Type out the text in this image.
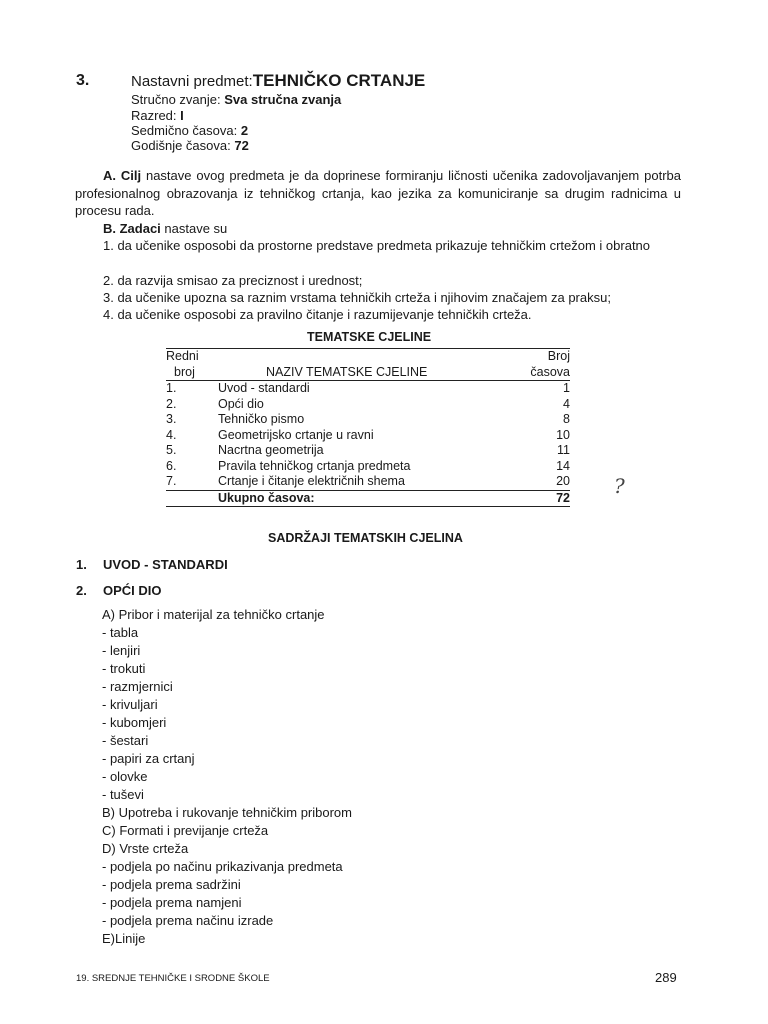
3.	Nastavni predmet:TEHNIČKO CRTANJE
Stručno zvanje: Sva stručna zvanja
Razred: I
Sedmično časova: 2
Godišnje časova: 72
A. Cilj nastave ovog predmeta je da doprinese formiranju ličnosti učenika zadovoljavanjem potrba profesionalnog obrazovanja iz tehničkog crtanja, kao jezika za komuniciranje sa drugim radnicima u procesu rada.
B. Zadaci nastave su
1. da učenike osposobi da prostorne predstave predmeta prikazuje tehničkim crtežom i obratno
2. da razvija smisao za preciznost i urednost;
3. da učenike upozna sa raznim vrstama tehničkih crteža i njihovim značajem za praksu;
4. da učenike osposobi za pravilno čitanje i razumijevanje tehničkih crteža.
TEMATSKE CJELINE
Redni		Broj
broj	NAZIV TEMATSKE CJELINE	časova
1.	Uvod - standardi	1
2.	Opći dio	4
3.	Tehničko pismo	8
4.	Geometrijsko crtanje u ravni	10
5.	Nacrtna geometrija	11
6.	Pravila tehničkog crtanja predmeta	14
7.	Crtanje i čitanje električnih shema	20
	Ukupno časova:	72 ?
SADRŽAJI TEMATSKIH CJELINA
1. UVOD - STANDARDI
2. OPĆI DIO
A) Pribor i materijal za tehničko crtanje
- tabla
- lenjiri
- trokuti
- razmjernici
- krivuljari
- kubomjeri
- šestari
- papiri za crtanj
- olovke
- tuševi
B) Upotreba i rukovanje tehničkim priborom
C) Formati i previjanje crteža
D) Vrste crteža
- podjela po načinu prikazivanja predmeta
- podjela prema sadržini
- podjela prema namjeni
- podjela prema načinu izrade
E)Linije
19. SREDNJE TEHNIČKE I SRODNE ŠKOLE	289
